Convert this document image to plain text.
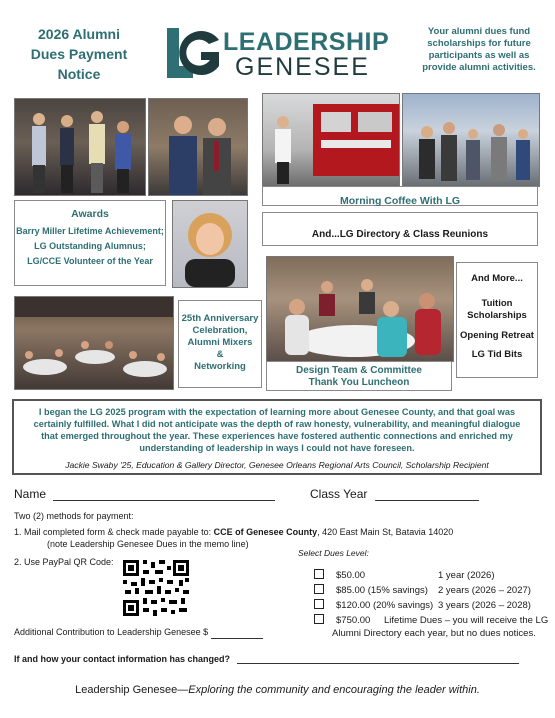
2026 Alumni
Dues Payment
Notice
LEADERSHIP
GENESEE
Your alumni dues fund
scholarships for future
participants as well as
provide alumni activities.
Morning Coffee With LG
Awards
Barry Miller Lifetime Achievement;
LG Outstanding Alumnus;
LG/CCE Volunteer of the Year
And...LG Directory & Class Reunions
And More...
Tuition
Scholarships
Opening Retreat
LG Tid Bits
25th Anniversary
Celebration,
Alumni Mixers
&
Networking	Design Team & Committee
Thank You Luncheon
I began the LG 2025 program with the expectation of learning more about Genesee County, and that goal was certainly fulfilled. What I did not anticipate was the depth of raw honesty, vulnerability, and meaningful dialogue that emerged throughout the year. These experiences have fostered authentic connections and enriched my understanding of leadership in ways I could not have foreseen.
Jackie Swaby '25, Education & Gallery Director, Genesee Orleans Regional Arts Council, Scholarship Recipient
Name	Class Year
Two (2) methods for payment:
1. Mail completed form & check made payable to: CCE of Genesee County, 420 East Main St, Batavia 14020
(note Leadership Genesee Dues in the memo line)
2. Use PayPal QR Code:
Select Dues Level:
$50.00	1 year (2026)
$85.00 (15% savings) 2 years (2026 – 2027)
$120.00 (20% savings) 3 years (2026 – 2028)
$750.00 Lifetime Dues – you will receive the LG
Alumni Directory each year, but no dues notices.
Additional Contribution to Leadership Genesee $
If and how your contact information has changed?
Leadership Genesee—Exploring the community and encouraging the leader within.
